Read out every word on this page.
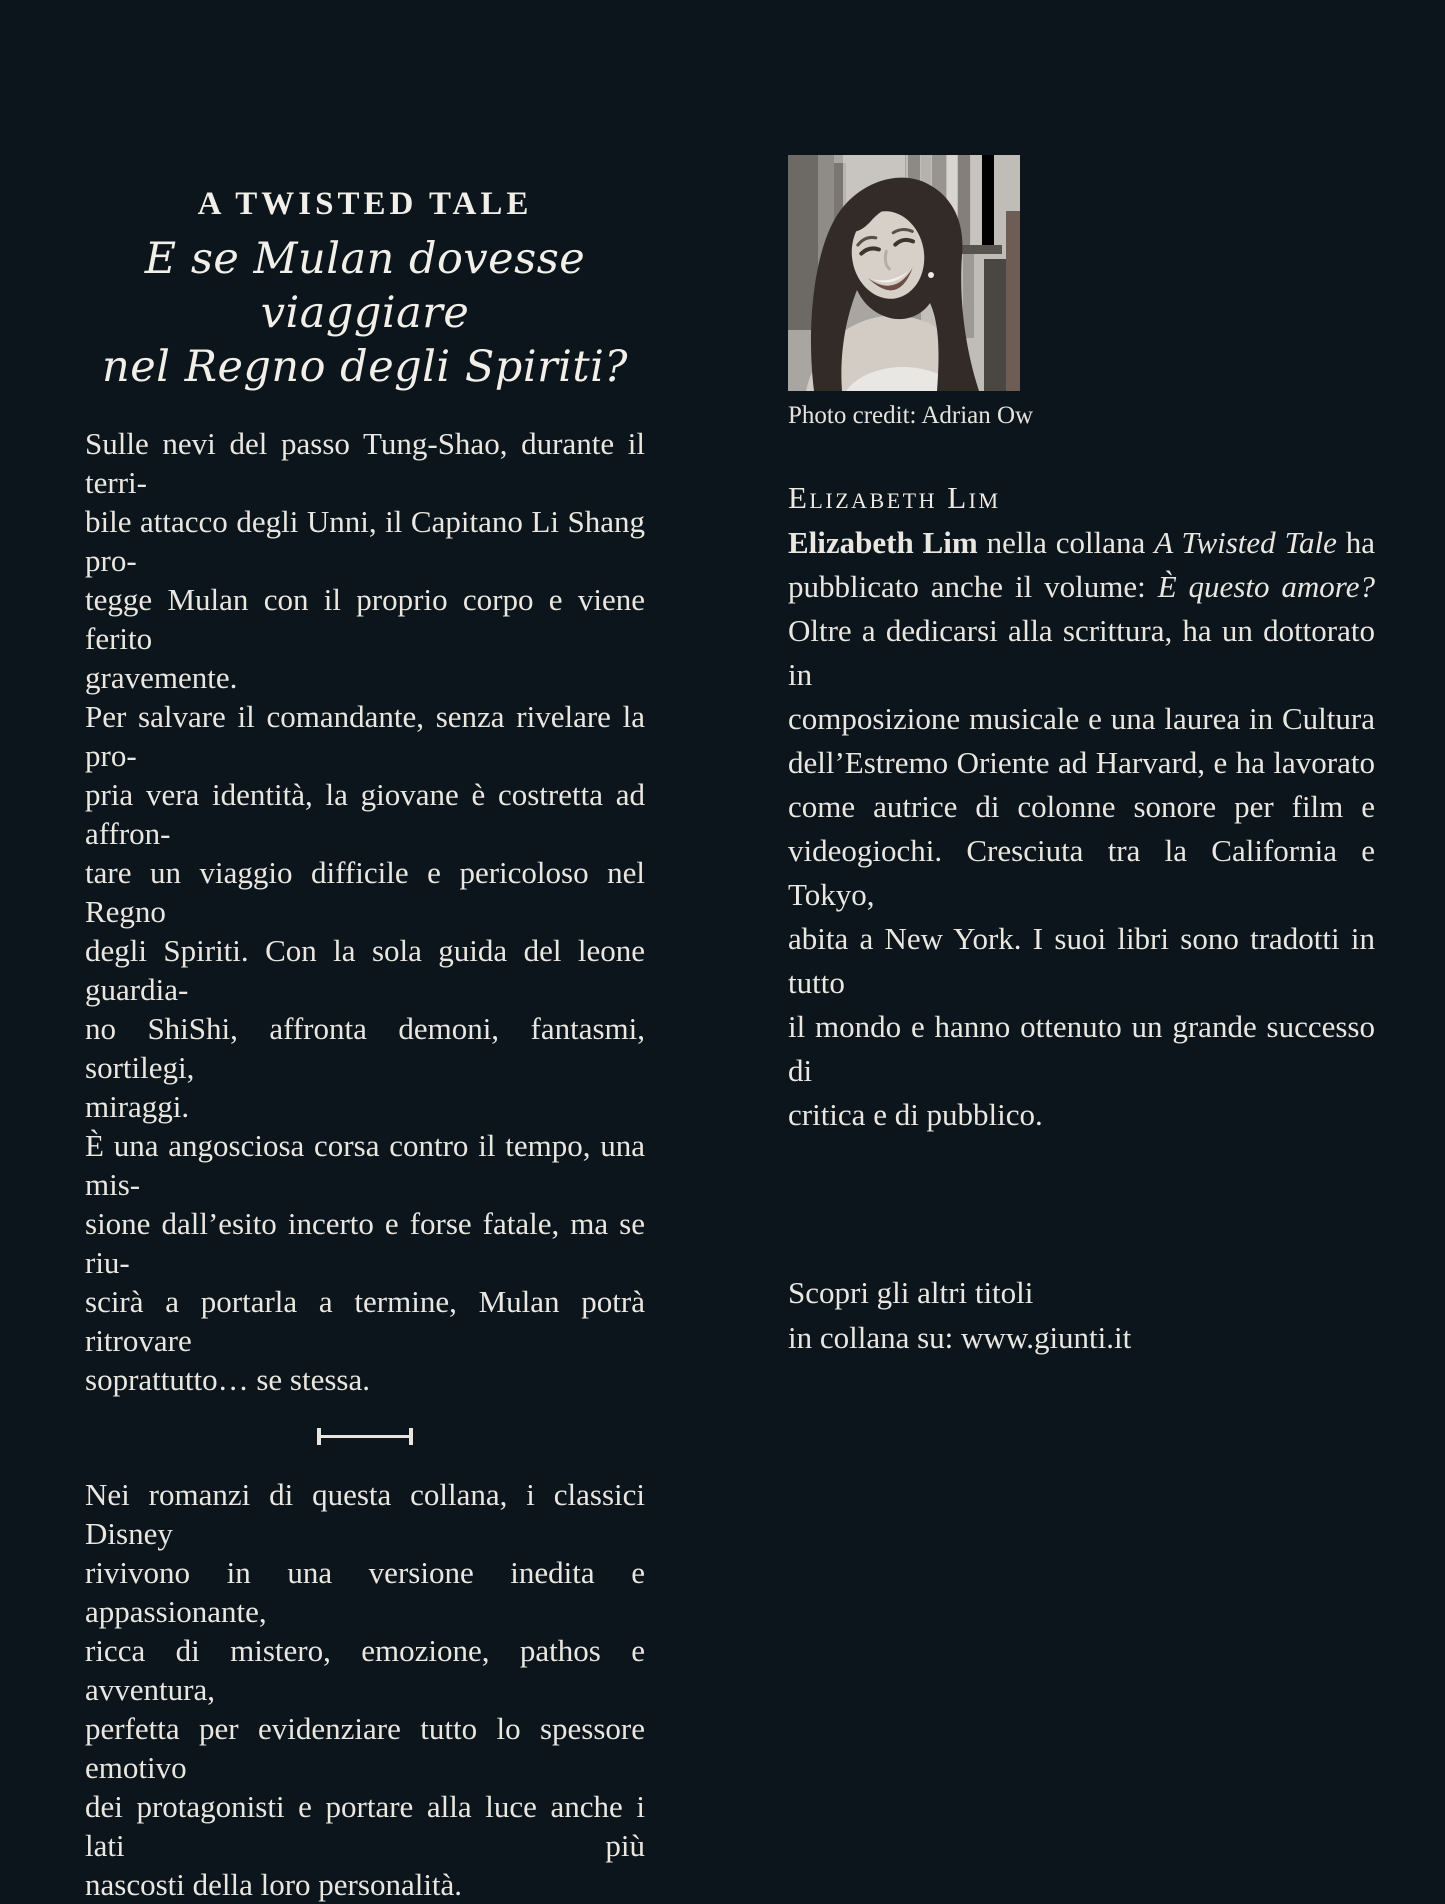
A TWISTED TALE
E se Mulan dovesse viaggiare
nel Regno degli Spiriti?
Sulle nevi del passo Tung-Shao, durante il terri-
bile attacco degli Unni, il Capitano Li Shang pro-
tegge Mulan con il proprio corpo e viene ferito
gravemente.
Per salvare il comandante, senza rivelare la pro-
pria vera identità, la giovane è costretta ad affron-
tare un viaggio difficile e pericoloso nel Regno
degli Spiriti. Con la sola guida del leone guardia-
no ShiShi, affronta demoni, fantasmi, sortilegi,
miraggi.
È una angosciosa corsa contro il tempo, una mis-
sione dall’esito incerto e forse fatale, ma se riu-
scirà a portarla a termine, Mulan potrà ritrovare
soprattutto… se stessa.
Nei romanzi di questa collana, i classici Disney
rivivono in una versione inedita e appassionante,
ricca di mistero, emozione, pathos e avventura,
perfetta per evidenziare tutto lo spessore emotivo
dei protagonisti e portare alla luce anche i lati più
nascosti della loro personalità.
Photo credit: Adrian Ow
Elizabeth Lim
Elizabeth Lim nella collana A Twisted Tale ha
pubblicato anche il volume: È questo amore?
Oltre a dedicarsi alla scrittura, ha un dottorato in
composizione musicale e una laurea in Cultura
dell’Estremo Oriente ad Harvard, e ha lavorato
come autrice di colonne sonore per film e
videogiochi. Cresciuta tra la California e Tokyo,
abita a New York. I suoi libri sono tradotti in tutto
il mondo e hanno ottenuto un grande successo di
critica e di pubblico.
Scopri gli altri titoli
in collana su: www.giunti.it
